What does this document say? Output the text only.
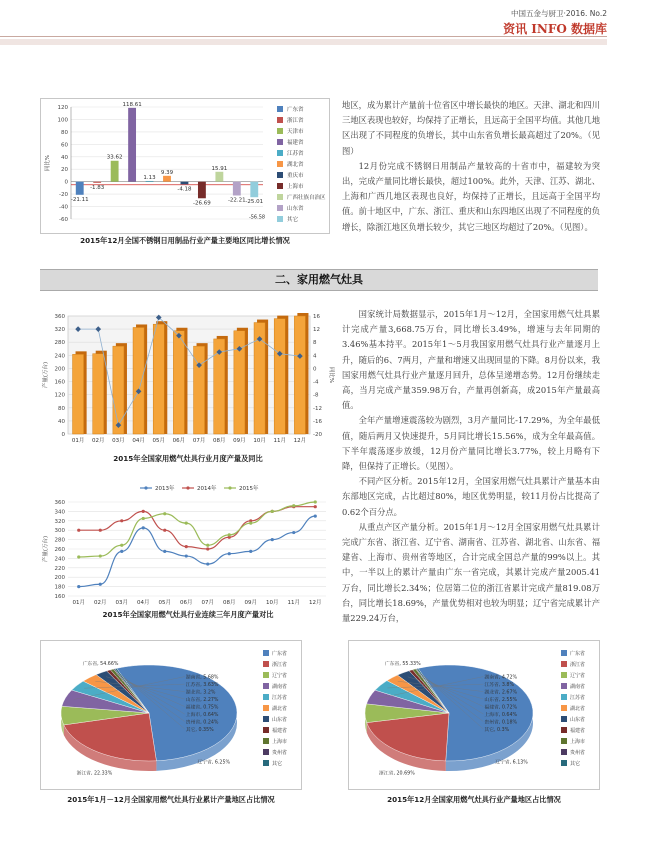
中国五金与厨卫·2016. No.2
资讯 INFO 数据库
120
100
80
60
40
20
0
-20
-40
-60
同比%
-21.11
-1.83
33.62
118.61
1.13
9.39
-4.18
-26.69
15.91
-22.21 -25.01
-56.58
广东省
浙江省
天津市
福建省
江苏省
湖北省
重庆市
上海市
广西壮族自治区
山东省
其它
2015年12月全国不锈钢日用制品行业产量主要地区同比增长情况

地区，成为累计产量前十位省区中增长最快的地区。天津、湖北和四川三地区表现也较好，均保持了正增长，且远高于全国平均值。其他几地区出现了不同程度的负增长，其中山东省负增长最高超过了20%。（见图）

12月份完成不锈钢日用制品产量较高的十省市中，福建较为突出，完成产量同比增长最快，超过100%。此外，天津、江苏、湖北、上海和广西几地区表现也良好，均保持了正增长，且远高于全国平均值。前十地区中，广东、浙江、重庆和山东四地区出现了不同程度的负增长，除浙江地区负增长较少，其它三地区均超过了20%。（见图）。

二、家用燃气灶具
360
320
280
240
200
160
120
80
40
0
16
12
8
4
0
-4
-8
-12
-16
-20
产量(万台)	同比%
01月 02月 03月 04月 05月 06月 07月 08月 09月 10月 11月 12月
2015年全国家用燃气灶具行业月度产量及同比
360
340
320
300
280
260
240
220
200
180
160
产量(万台)
01月 02月 03月 04月 05月 06月 07月 08月 09月 10月 11月 12月
2013年	2014年	2015年
2015年全国家用燃气灶具行业连续三年月度产量对比

国家统计局数据显示，2015年1月～12月，全国家用燃气灶具累计完成产量3,668.75万台，同比增长3.49%，增速与去年同期的3.46%基本持平。2015年1～5月我国家用燃气灶具行业产量逐月上升，随后的6、7两月，产量和增速又出现回显的下降。8月份以来，我国家用燃气灶具行业产量逐月回升，总体呈递增态势。12月份继续走高，当月完成产量359.98万台，产量再创新高，成2015年产量最高值。

全年产量增速震荡较为剧烈，3月产量同比-17.29%，为全年最低值，随后两月又快速提升，5月同比增长15.56%，成为全年最高值。下半年震荡逐步放缓，12月份产量同比增长3.77%，较上月略有下降，但保持了正增长。（见图）。

不同产区分析。2015年12月，全国家用燃气灶具累计产量基本由东部地区完成，占比超过80%，地区优势明显，较11月份占比提高了0.62个百分点。

从重点产区产量分析。2015年1月～12月全国家用燃气灶具累计完成广东省、浙江省、辽宁省、湖南省、江苏省、湖北省、山东省、福建省、上海市、贵州省等地区，合计完成全国总产量的99%以上。其中，一半以上的累计产量由广东一省完成，其累计完成产量2005.41万台，同比增长2.34%；位居第二位的浙江省累计完成产量819.08万台，同比增长18.69%，产量优势相对也较为明显；辽宁省完成累计产量229.24万台，

广东省, 54.66%
浙江省, 22.33%
辽宁省, 6.25%
湖南省, 5.68%
江苏省, 3.63%
湖北省, 3.2%
山东省, 2.27%
福建省, 0.75%
上海市, 0.64%
贵州省, 0.24%
其它, 0.35%
广东省
浙江省
辽宁省
湖南省
江苏省
湖北省
山东省
福建省
上海市
贵州省
其它
2015年1月－12月全国家用燃气灶具行业累计产量地区占比情况
广东省, 55.33%
浙江省, 20.69%
辽宁省, 6.13%
湖南省, 4.72%
江苏省, 3.8%
湖北省, 2.67%
山东省, 2.55%
福建省, 0.72%
上海市, 0.64%
贵州省, 0.18%
其它, 0.3%
广东省
浙江省
辽宁省
湖南省
江苏省
湖北省
山东省
福建省
上海市
贵州省
其它
2015年12月全国家用燃气灶具行业产量地区占比情况
